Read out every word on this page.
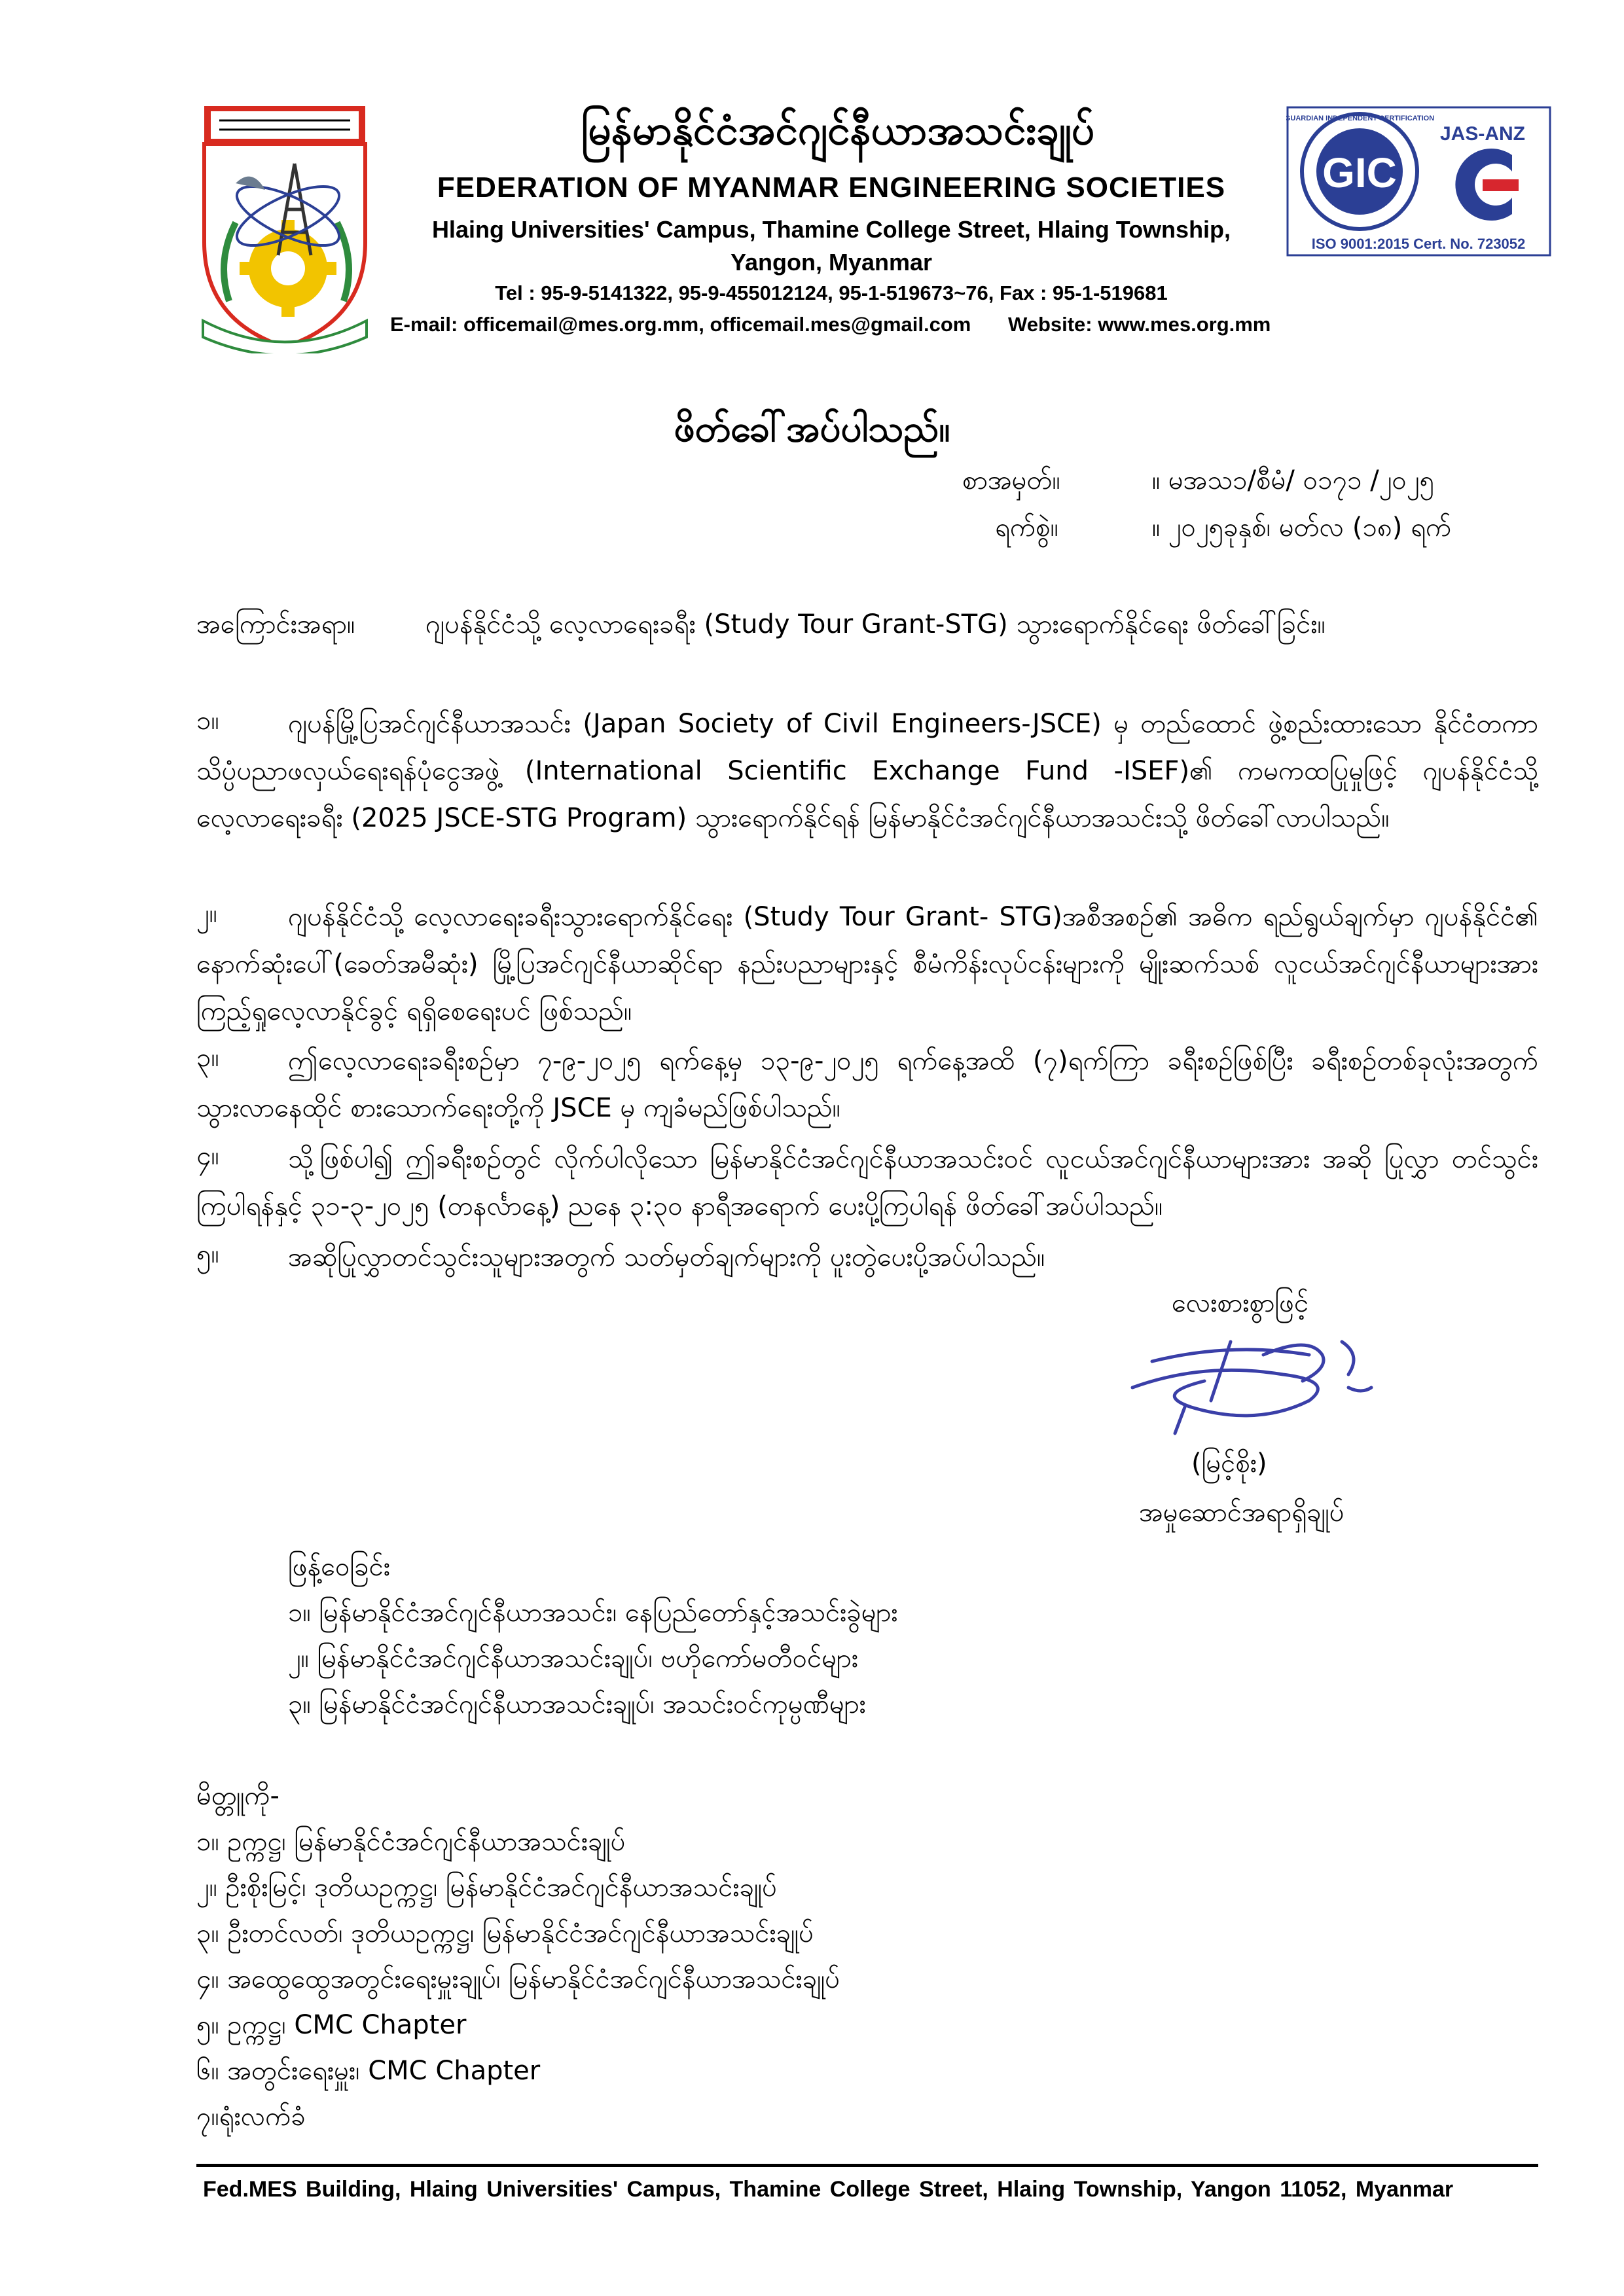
မြန်မာနိုင်ငံအင်ဂျင်နီယာအသင်းချုပ်
FEDERATION OF MYANMAR ENGINEERING SOCIETIES
Hlaing Universities' Campus, Thamine College Street, Hlaing Township,
Yangon, Myanmar
Tel : 95-9-5141322, 95-9-455012124, 95-1-519673~76, Fax : 95-1-519681
E-mail: officemail@mes.org.mm, officemail.mes@gmail.com Website: www.mes.org.mm
GUARDIAN INDEPENDENT CERTIFICATION
GIC
JAS-ANZ
ISO 9001:2015 Cert. No. 723052
ဖိတ်ခေါ်အပ်ပါသည်။
စာအမှတ်။	။ မအသ၁/စီမံ/ ၀၁၇၁ /၂၀၂၅
ရက်စွဲ။	။ ၂၀၂၅ခုနှစ်၊ မတ်လ (၁၈) ရက်
အကြောင်းအရာ။	ဂျပန်နိုင်ငံသို့ လေ့လာရေးခရီး (Study Tour Grant-STG) သွားရောက်နိုင်ရေး ဖိတ်ခေါ်ခြင်း။
၁။	ဂျပန်မြို့ပြအင်ဂျင်နီယာအသင်း (Japan Society of Civil Engineers-JSCE) မှ တည်ထောင် ဖွဲ့စည်းထားသော နိုင်ငံတကာသိပ္ပံပညာဖလှယ်ရေးရန်ပုံငွေအဖွဲ့ (International Scientific Exchange Fund -ISEF)၏ ကမကထပြုမှုဖြင့် ဂျပန်နိုင်ငံသို့ လေ့လာရေးခရီး (2025 JSCE-STG Program) သွားရောက်နိုင်ရန် မြန်မာနိုင်ငံအင်ဂျင်နီယာအသင်းသို့ ဖိတ်ခေါ်လာပါသည်။
၂။	ဂျပန်နိုင်ငံသို့ လေ့လာရေးခရီးသွားရောက်နိုင်ရေး (Study Tour Grant- STG)အစီအစဉ်၏ အဓိက ရည်ရွယ်ချက်မှာ ဂျပန်နိုင်ငံ၏ နောက်ဆုံးပေါ်(ခေတ်အမီဆုံး) မြို့ပြအင်ဂျင်နီယာဆိုင်ရာ နည်းပညာများနှင့် စီမံကိန်းလုပ်ငန်းများကို မျိုးဆက်သစ် လူငယ်အင်ဂျင်နီယာများအား ကြည့်ရှုလေ့လာနိုင်ခွင့် ရရှိစေရေးပင် ဖြစ်သည်။
၃။	ဤလေ့လာရေးခရီးစဉ်မှာ ၇-၉-၂၀၂၅ ရက်နေ့မှ ၁၃-၉-၂၀၂၅ ရက်နေ့အထိ (၇)ရက်ကြာ ခရီးစဉ်ဖြစ်ပြီး ခရီးစဉ်တစ်ခုလုံးအတွက် သွားလာနေထိုင် စားသောက်ရေးတို့ကို JSCE မှ ကျခံမည်ဖြစ်ပါသည်။
၄။	သို့ဖြစ်ပါ၍ ဤခရီးစဉ်တွင် လိုက်ပါလိုသော မြန်မာနိုင်ငံအင်ဂျင်နီယာအသင်းဝင် လူငယ်အင်ဂျင်နီယာများအား အဆို ပြုလွှာ တင်သွင်းကြပါရန်နှင့် ၃၁-၃-၂၀၂၅ (တနင်္လာနေ့) ညနေ ၃:၃၀ နာရီအရောက် ပေးပို့ကြပါရန် ဖိတ်ခေါ်အပ်ပါသည်။
၅။	အဆိုပြုလွှာတင်သွင်းသူများအတွက် သတ်မှတ်ချက်များကို ပူးတွဲပေးပို့အပ်ပါသည်။
လေးစားစွာဖြင့်
(မြင့်စိုး)
အမှုဆောင်အရာရှိချုပ်
ဖြန့်ဝေခြင်း
၁။ မြန်မာနိုင်ငံအင်ဂျင်နီယာအသင်း၊ နေပြည်တော်နှင့်အသင်းခွဲများ
၂။ မြန်မာနိုင်ငံအင်ဂျင်နီယာအသင်းချုပ်၊ ဗဟိုကော်မတီဝင်များ
၃။ မြန်မာနိုင်ငံအင်ဂျင်နီယာအသင်းချုပ်၊ အသင်းဝင်ကုမ္ပဏီများ
မိတ္တူကို-
၁။ ဥက္ကဋ္ဌ၊ မြန်မာနိုင်ငံအင်ဂျင်နီယာအသင်းချုပ်
၂။ ဦးစိုးမြင့်၊ ဒုတိယဥက္ကဋ္ဌ၊ မြန်မာနိုင်ငံအင်ဂျင်နီယာအသင်းချုပ်
၃။ ဦးတင်လတ်၊ ဒုတိယဥက္ကဋ္ဌ၊ မြန်မာနိုင်ငံအင်ဂျင်နီယာအသင်းချုပ်
၄။ အထွေထွေအတွင်းရေးမှူးချုပ်၊ မြန်မာနိုင်ငံအင်ဂျင်နီယာအသင်းချုပ်
၅။ ဥက္ကဋ္ဌ၊ CMC Chapter
၆။ အတွင်းရေးမှူး၊ CMC Chapter
၇။ရုံးလက်ခံ
Fed.MES Building, Hlaing Universities' Campus, Thamine College Street, Hlaing Township, Yangon 11052, Myanmar
